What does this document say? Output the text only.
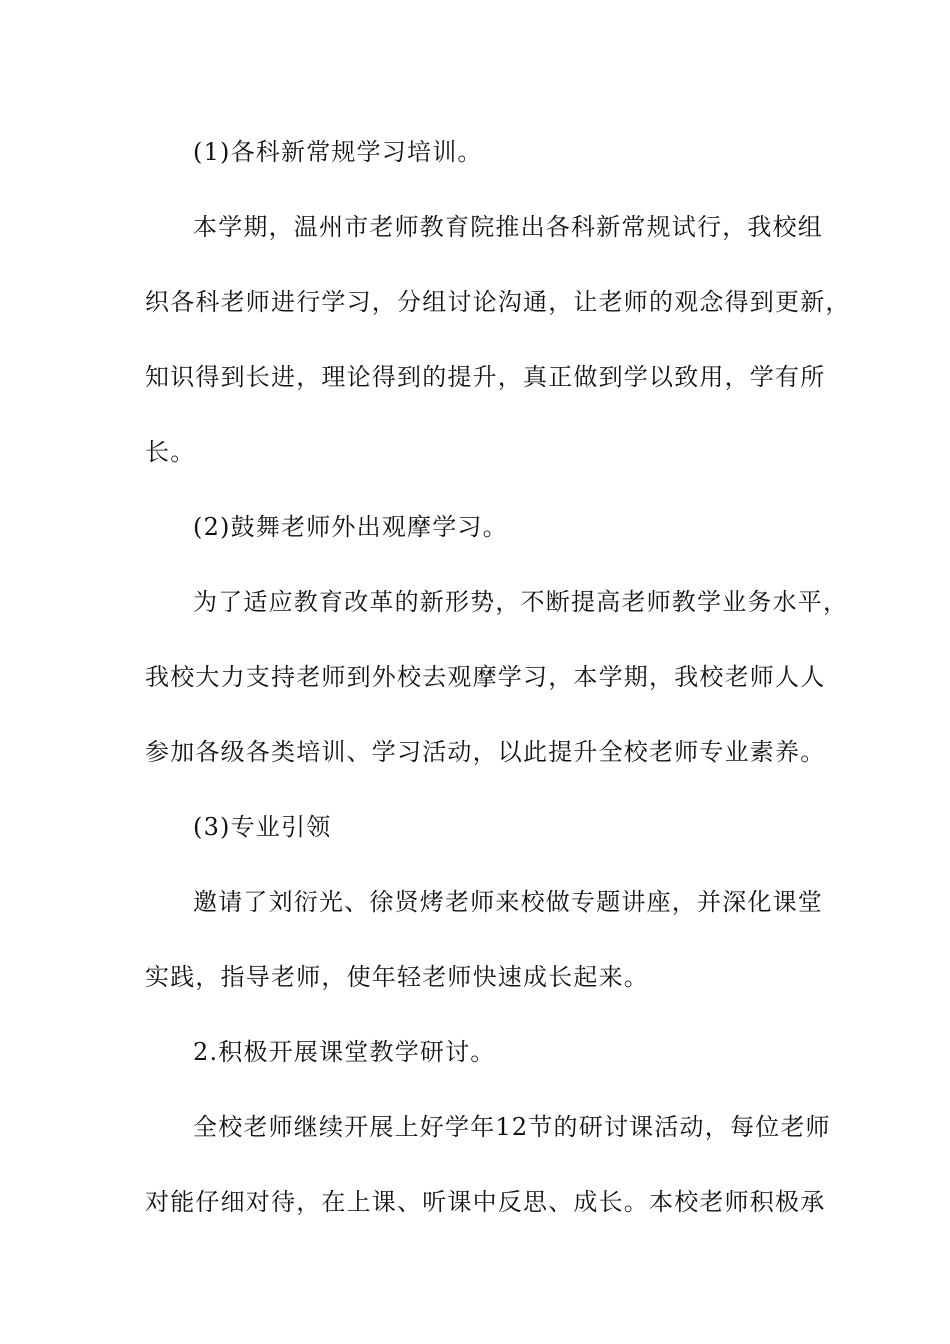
(1)各科新常规学习培训。

本学期，温州市老师教育院推出各科新常规试行，我校组

织各科老师进行学习，分组讨论沟通，让老师的观念得到更新，

知识得到长进，理论得到的提升，真正做到学以致用，学有所

长。

(2)鼓舞老师外出观摩学习。

为了适应教育改革的新形势，不断提高老师教学业务水平，

我校大力支持老师到外校去观摩学习，本学期，我校老师人人

参加各级各类培训、学习活动，以此提升全校老师专业素养。

(3)专业引领

邀请了刘衍光、徐贤烤老师来校做专题讲座，并深化课堂

实践，指导老师，使年轻老师快速成长起来。

2.积极开展课堂教学研讨。

全校老师继续开展上好学年12节的研讨课活动，每位老师

对能仔细对待，在上课、听课中反思、成长。本校老师积极承
